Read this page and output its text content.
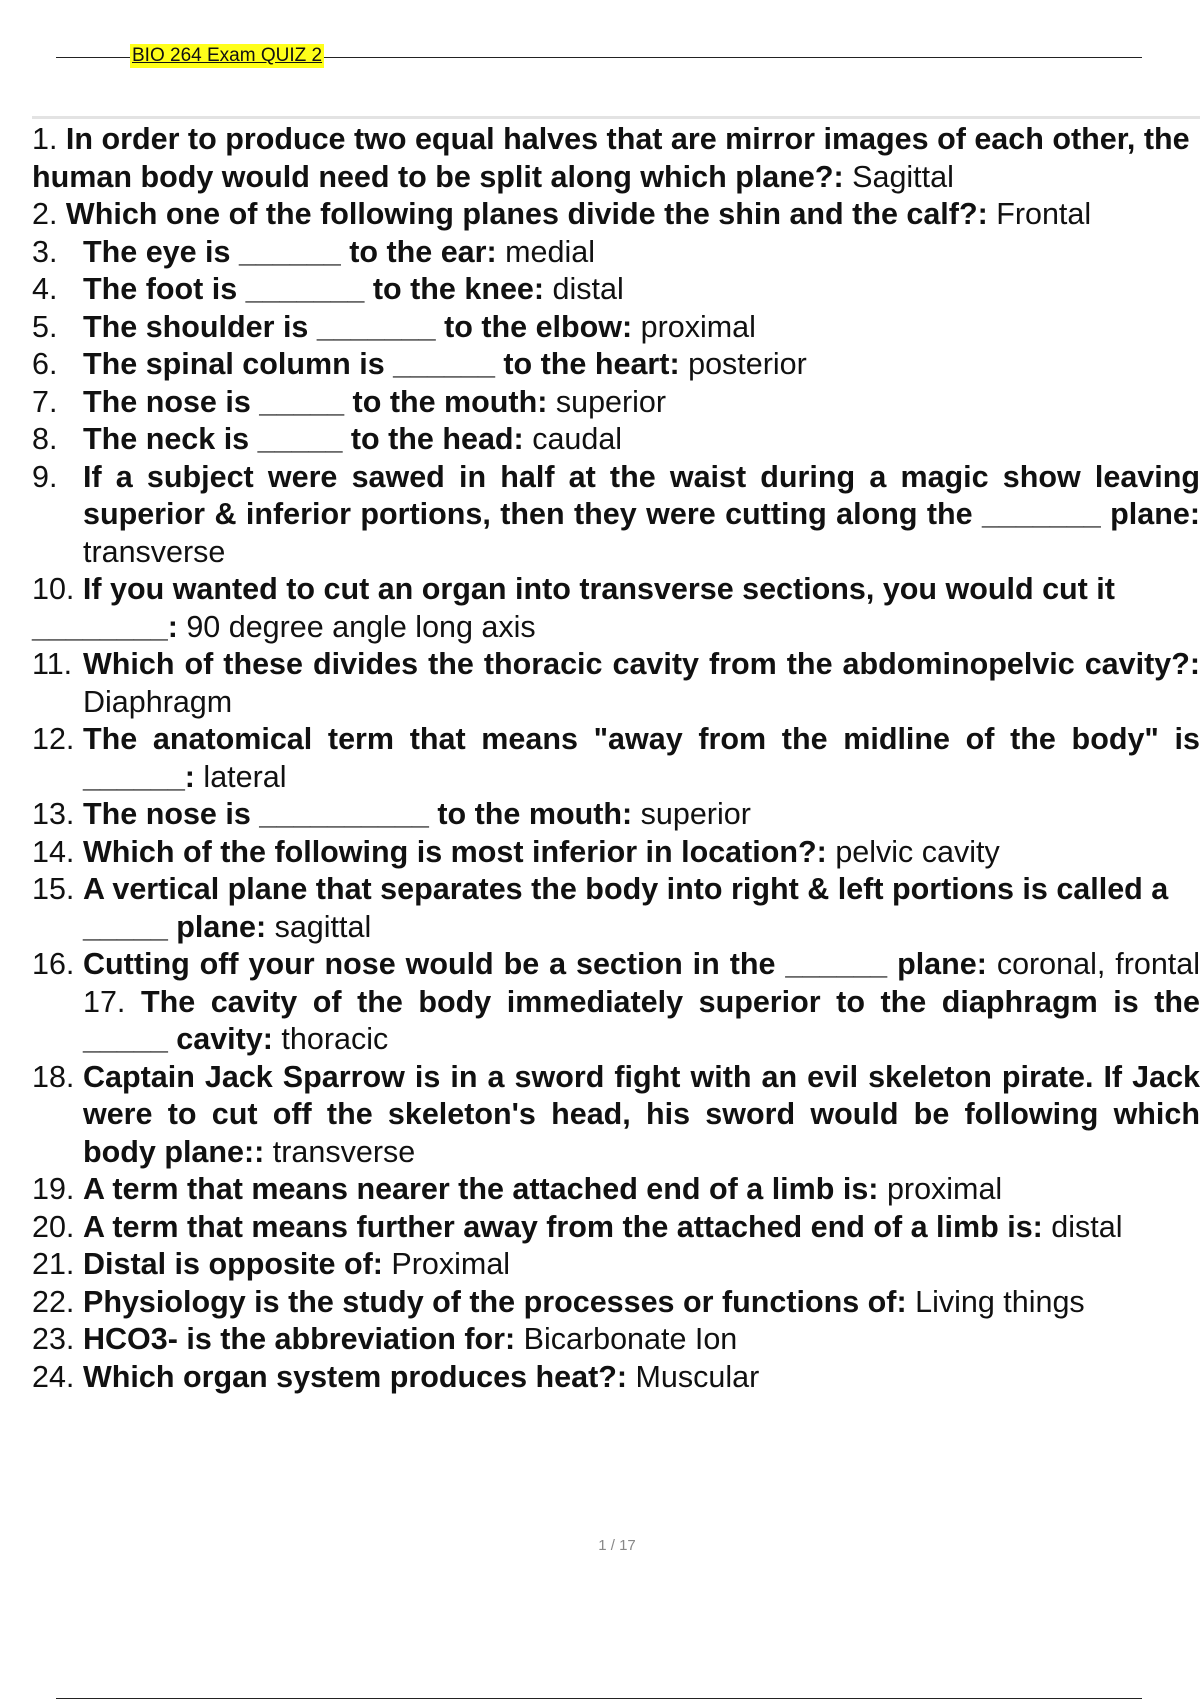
BIO 264 Exam QUIZ 2

1. In order to produce two equal halves that are mirror images of each other, the human body would need to be split along which plane?: Sagittal

2. Which one of the following planes divide the shin and the calf?: Frontal

3. The eye is ______ to the ear: medial

4. The foot is _______ to the knee: distal

5. The shoulder is _______ to the elbow: proximal

6. The spinal column is ______ to the heart: posterior

7. The nose is _____ to the mouth: superior

8. The neck is _____ to the head: caudal

9. If a subject were sawed in half at the waist during a magic show leaving superior & inferior portions, then they were cutting along the _______ plane: transverse

10. If you wanted to cut an organ into transverse sections, you would cut it ________: 90 degree angle long axis

11. Which of these divides the thoracic cavity from the abdominopelvic cavity?: Diaphragm

12. The anatomical term that means "away from the midline of the body" is ______: lateral

13. The nose is __________ to the mouth: superior

14. Which of the following is most inferior in location?: pelvic cavity

15. A vertical plane that separates the body into right & left portions is called a _____ plane: sagittal

16. Cutting off your nose would be a section in the ______ plane: coronal, frontal 17. The cavity of the body immediately superior to the diaphragm is the _____ cavity: thoracic

18. Captain Jack Sparrow is in a sword fight with an evil skeleton pirate. If Jack were to cut off the skeleton's head, his sword would be following which body plane:: transverse

19. A term that means nearer the attached end of a limb is: proximal

20. A term that means further away from the attached end of a limb is: distal

21. Distal is opposite of: Proximal

22. Physiology is the study of the processes or functions of: Living things

23. HCO3- is the abbreviation for: Bicarbonate Ion

24. Which organ system produces heat?: Muscular

1 / 17
